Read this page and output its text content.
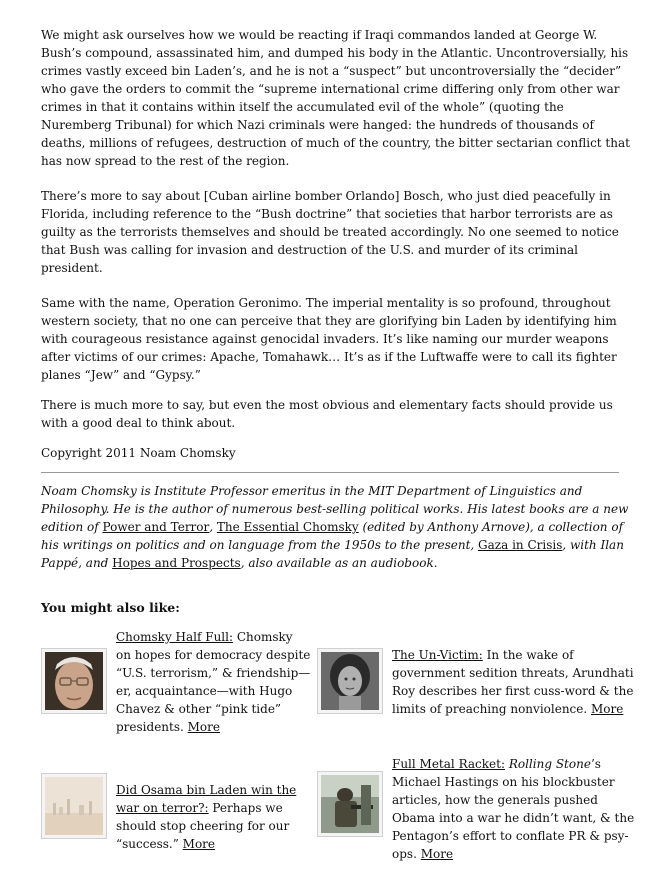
We might ask ourselves how we would be reacting if Iraqi commandos landed at George W. Bush’s compound, assassinated him, and dumped his body in the Atlantic. Uncontroversially, his crimes vastly exceed bin Laden’s, and he is not a “suspect” but uncontroversially the “decider” who gave the orders to commit the “supreme international crime differing only from other war crimes in that it contains within itself the accumulated evil of the whole” (quoting the Nuremberg Tribunal) for which Nazi criminals were hanged: the hundreds of thousands of deaths, millions of refugees, destruction of much of the country, the bitter sectarian conflict that has now spread to the rest of the region.

There’s more to say about [Cuban airline bomber Orlando] Bosch, who just died peacefully in Florida, including reference to the “Bush doctrine” that societies that harbor terrorists are as guilty as the terrorists themselves and should be treated accordingly. No one seemed to notice that Bush was calling for invasion and destruction of the U.S. and murder of its criminal president.

Same with the name, Operation Geronimo. The imperial mentality is so profound, throughout western society, that no one can perceive that they are glorifying bin Laden by identifying him with courageous resistance against genocidal invaders. It’s like naming our murder weapons after victims of our crimes: Apache, Tomahawk… It’s as if the Luftwaffe were to call its fighter planes “Jew” and “Gypsy.”

There is much more to say, but even the most obvious and elementary facts should provide us with a good deal to think about.

Copyright 2011 Noam Chomsky

Noam Chomsky is Institute Professor emeritus in the MIT Department of Linguistics and Philosophy. He is the author of numerous best-selling political works. His latest books are a new edition of Power and Terror, The Essential Chomsky (edited by Anthony Arnove), a collection of his writings on politics and on language from the 1950s to the present, Gaza in Crisis, with Ilan Pappé, and Hopes and Prospects, also available as an audiobook.

You might also like:
Chomsky Half Full: Chomsky on hopes for democracy despite “U.S. terrorism,” & friendship—er, acquaintance—with Hugo Chavez & other “pink tide” presidents. More
The Un-Victim: In the wake of government sedition threats, Arundhati Roy describes her first cuss-word & the limits of preaching nonviolence. More
Did Osama bin Laden win the war on terror?: Perhaps we should stop cheering for our “success.” More
Full Metal Racket: Rolling Stone’s Michael Hastings on his blockbuster articles, how the generals pushed Obama into a war he didn’t want, & the Pentagon’s effort to conflate PR & psy-ops. More
